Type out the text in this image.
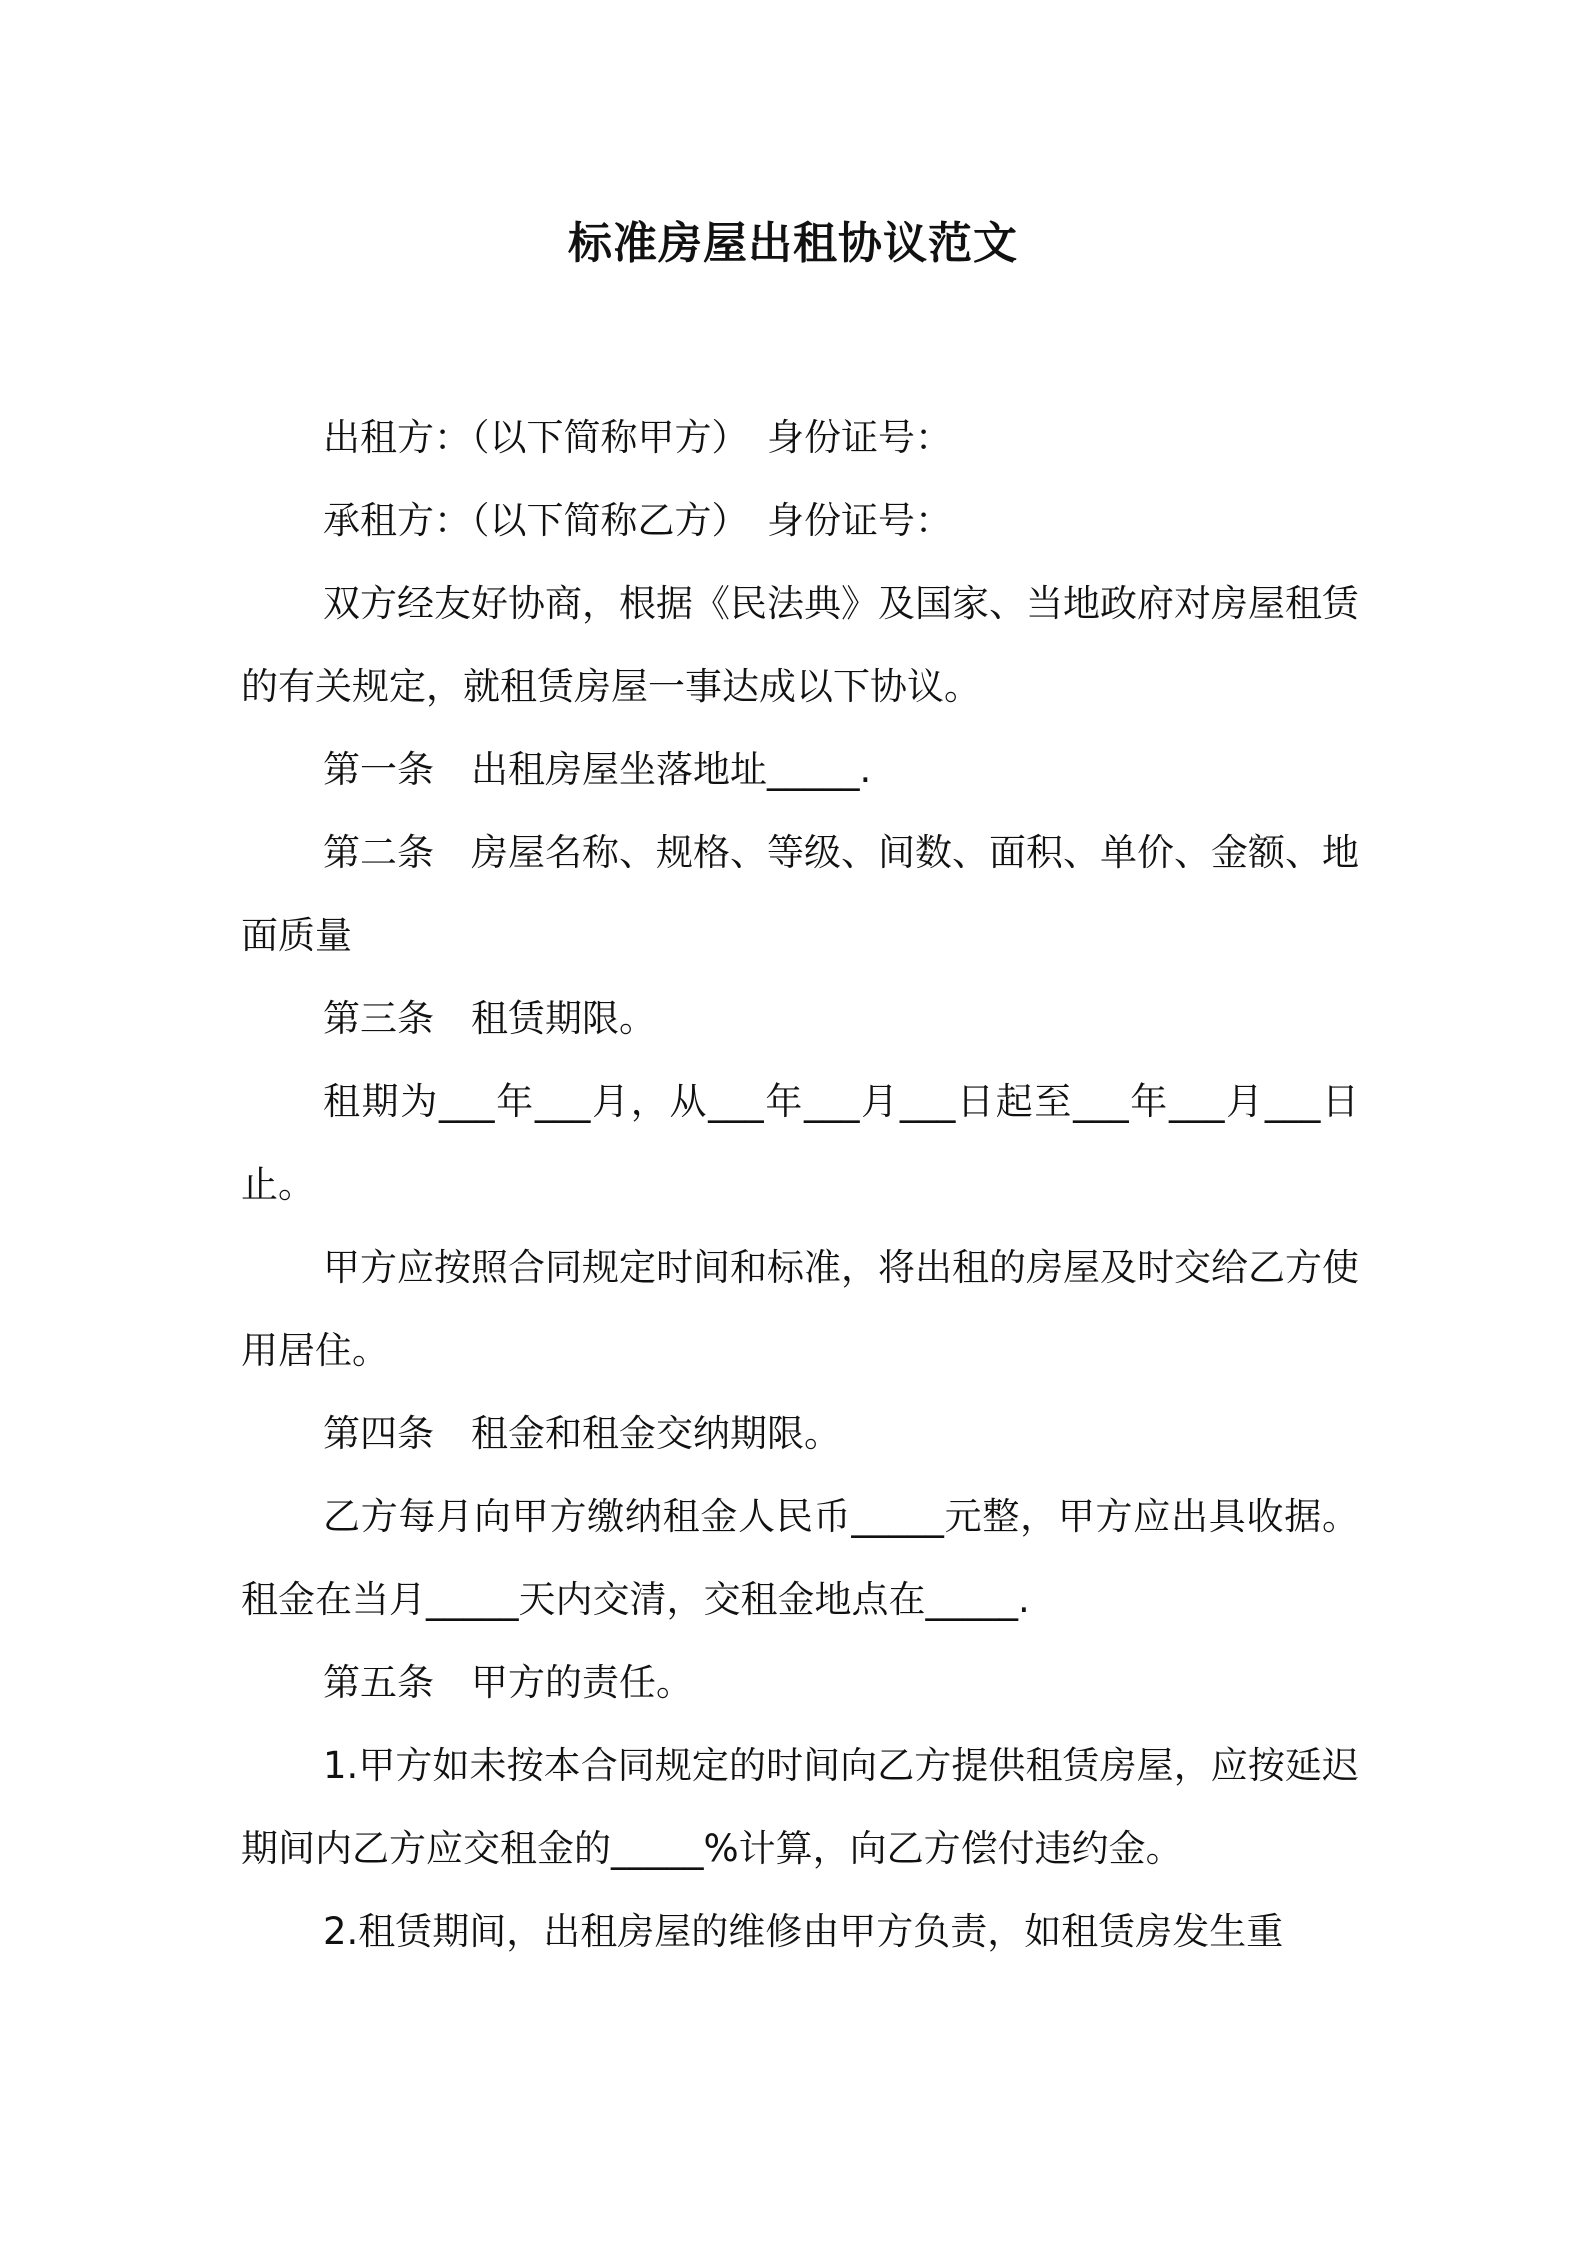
标准房屋出租协议范文

出租方：（以下简称甲方）　身份证号：

承租方：（以下简称乙方）　身份证号：

双方经友好协商，根据《民法典》及国家、当地政府对房屋租赁的有关规定，就租赁房屋一事达成以下协议。

第一条　出租房屋坐落地址_____.

第二条　房屋名称、规格、等级、间数、面积、单价、金额、地面质量

第三条　租赁期限。

租期为___年___月，从___年___月___日起至___年___月___日止。

甲方应按照合同规定时间和标准，将出租的房屋及时交给乙方使用居住。

第四条　租金和租金交纳期限。

乙方每月向甲方缴纳租金人民币_____元整，甲方应出具收据。租金在当月_____天内交清，交租金地点在_____.

第五条　甲方的责任。

1.甲方如未按本合同规定的时间向乙方提供租赁房屋，应按延迟期间内乙方应交租金的_____%计算，向乙方偿付违约金。

2.租赁期间，出租房屋的维修由甲方负责，如租赁房发生重
